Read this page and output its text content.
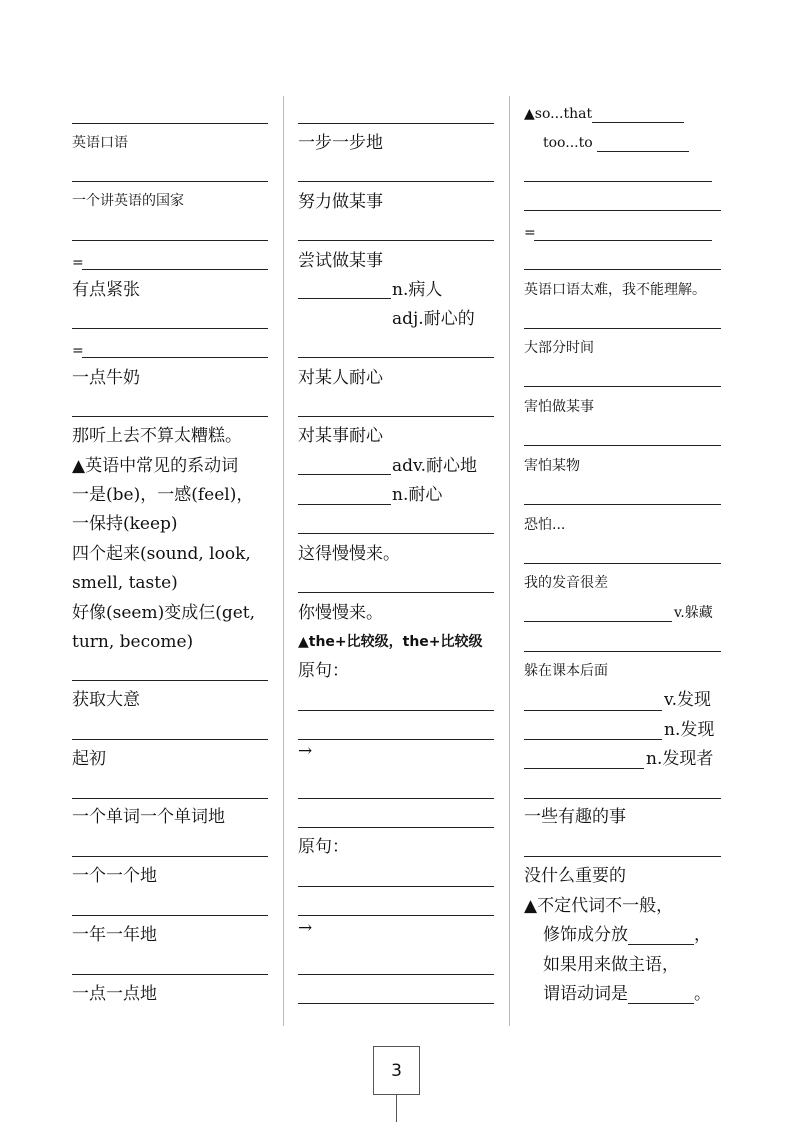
英语口语
一个讲英语的国家
=
有点紧张
=
一点牛奶
那听上去不算太糟糕。
▲英语中常见的系动词
一是(be)，一感(feel)，
一保持(keep)
四个起来(sound, look,
smell, taste)
好像(seem)变成仨(get,
turn, become)
获取大意
起初
一个单词一个单词地
一个一个地
一年一年地
一点一点地
一步一步地
努力做某事
尝试做某事
n.病人
adj.耐心的
对某人耐心
对某事耐心
adv.耐心地
n.耐心
这得慢慢来。
你慢慢来。
▲the+比较级，the+比较级
原句：
→
原句：
→
▲so...that
too...to
=
英语口语太难，我不能理解。
大部分时间
害怕做某事
害怕某物
恐怕...
我的发音很差
v.躲藏
躲在课本后面
v.发现
n.发现
n.发现者
一些有趣的事
没什么重要的
▲不定代词不一般，
修饰成分放	，
如果用来做主语，
谓语动词是	。
3
